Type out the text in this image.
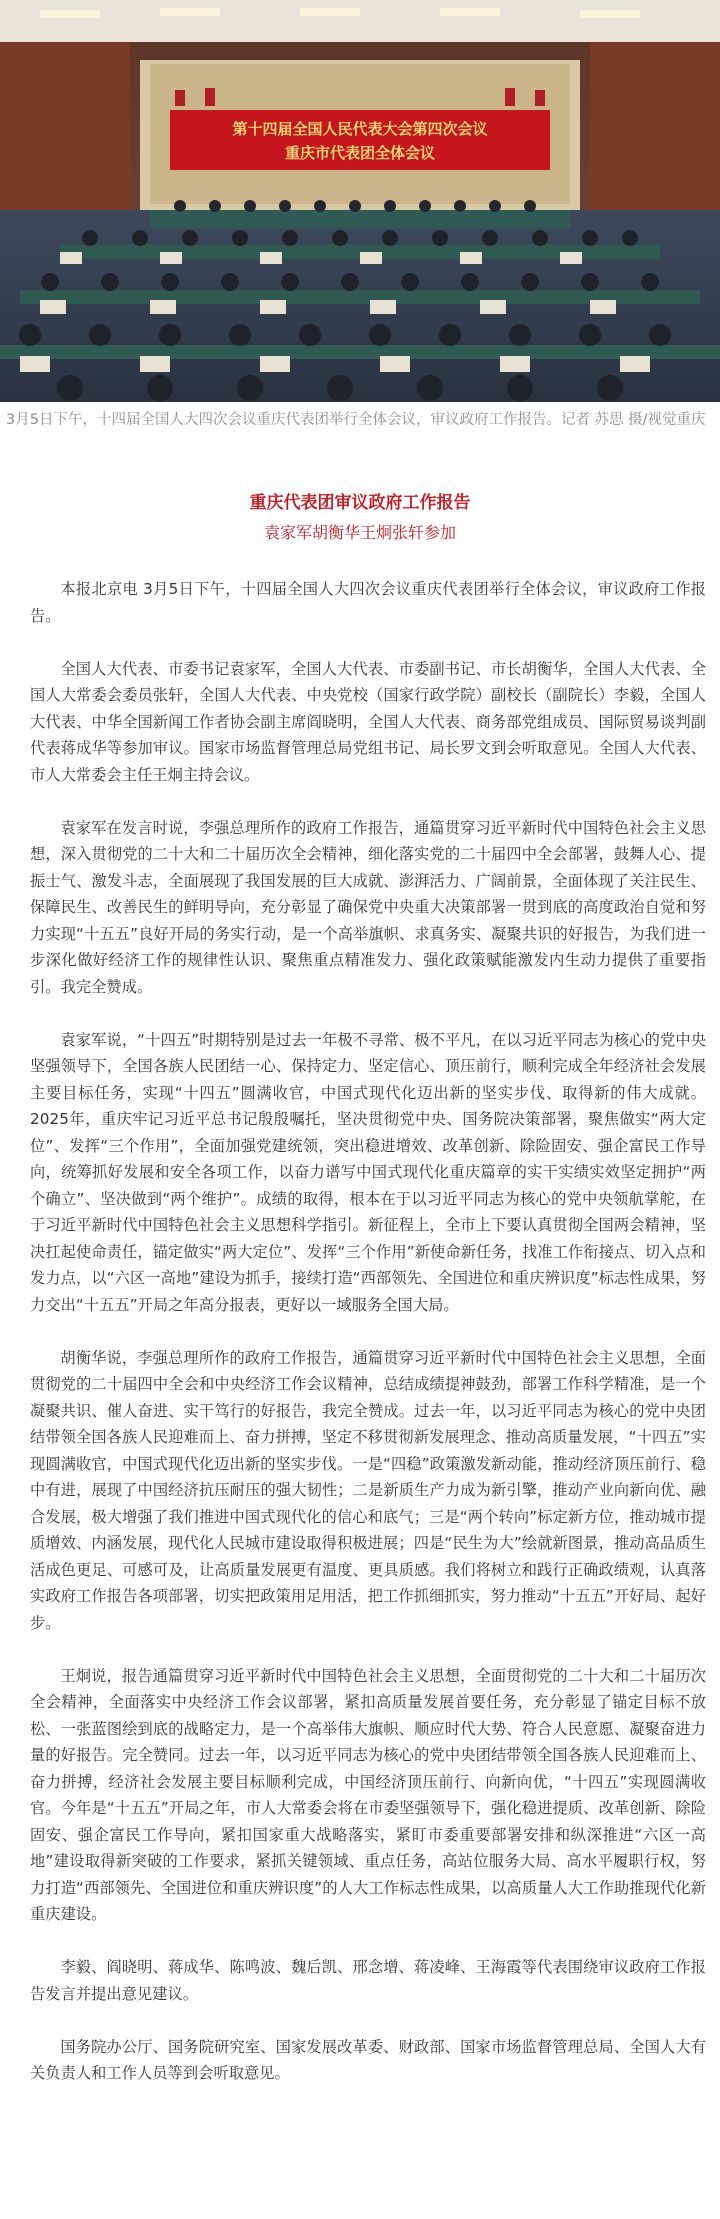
第十四届全国人民代表大会第四次会议
重庆市代表团全体会议
3月5日下午，十四届全国人大四次会议重庆代表团举行全体会议，审议政府工作报告。记者 苏思 摄/视觉重庆
重庆代表团审议政府工作报告
袁家军胡衡华王炯张轩参加

本报北京电 3月5日下午，十四届全国人大四次会议重庆代表团举行全体会议，审议政府工作报告。

全国人大代表、市委书记袁家军，全国人大代表、市委副书记、市长胡衡华，全国人大代表、全国人大常委会委员张轩，全国人大代表、中央党校（国家行政学院）副校长（副院长）李毅，全国人大代表、中华全国新闻工作者协会副主席阎晓明，全国人大代表、商务部党组成员、国际贸易谈判副代表蒋成华等参加审议。国家市场监督管理总局党组书记、局长罗文到会听取意见。全国人大代表、市人大常委会主任王炯主持会议。

袁家军在发言时说，李强总理所作的政府工作报告，通篇贯穿习近平新时代中国特色社会主义思想，深入贯彻党的二十大和二十届历次全会精神，细化落实党的二十届四中全会部署，鼓舞人心、提振士气、激发斗志，全面展现了我国发展的巨大成就、澎湃活力、广阔前景，全面体现了关注民生、保障民生、改善民生的鲜明导向，充分彰显了确保党中央重大决策部署一贯到底的高度政治自觉和努力实现“十五五”良好开局的务实行动，是一个高举旗帜、求真务实、凝聚共识的好报告，为我们进一步深化做好经济工作的规律性认识、聚焦重点精准发力、强化政策赋能激发内生动力提供了重要指引。我完全赞成。

袁家军说，“十四五”时期特别是过去一年极不寻常、极不平凡，在以习近平同志为核心的党中央坚强领导下，全国各族人民团结一心、保持定力、坚定信心、顶压前行，顺利完成全年经济社会发展主要目标任务，实现“十四五”圆满收官，中国式现代化迈出新的坚实步伐、取得新的伟大成就。2025年，重庆牢记习近平总书记殷殷嘱托，坚决贯彻党中央、国务院决策部署，聚焦做实“两大定位”、发挥“三个作用”，全面加强党建统领，突出稳进增效、改革创新、除险固安、强企富民工作导向，统筹抓好发展和安全各项工作，以奋力谱写中国式现代化重庆篇章的实干实绩实效坚定拥护“两个确立”、坚决做到“两个维护”。成绩的取得，根本在于以习近平同志为核心的党中央领航掌舵，在于习近平新时代中国特色社会主义思想科学指引。新征程上，全市上下要认真贯彻全国两会精神，坚决扛起使命责任，锚定做实“两大定位”、发挥“三个作用”新使命新任务，找准工作衔接点、切入点和发力点，以“六区一高地”建设为抓手，接续打造“西部领先、全国进位和重庆辨识度”标志性成果，努力交出“十五五”开局之年高分报表，更好以一域服务全国大局。

胡衡华说，李强总理所作的政府工作报告，通篇贯穿习近平新时代中国特色社会主义思想，全面贯彻党的二十届四中全会和中央经济工作会议精神，总结成绩提神鼓劲，部署工作科学精准，是一个凝聚共识、催人奋进、实干笃行的好报告，我完全赞成。过去一年，以习近平同志为核心的党中央团结带领全国各族人民迎难而上、奋力拼搏，坚定不移贯彻新发展理念、推动高质量发展，“十四五”实现圆满收官，中国式现代化迈出新的坚实步伐。一是“四稳”政策激发新动能，推动经济顶压前行、稳中有进，展现了中国经济抗压耐压的强大韧性；二是新质生产力成为新引擎，推动产业向新向优、融合发展，极大增强了我们推进中国式现代化的信心和底气；三是“两个转向”标定新方位，推动城市提质增效、内涵发展，现代化人民城市建设取得积极进展；四是“民生为大”绘就新图景，推动高品质生活成色更足、可感可及，让高质量发展更有温度、更具质感。我们将树立和践行正确政绩观，认真落实政府工作报告各项部署，切实把政策用足用活，把工作抓细抓实，努力推动“十五五”开好局、起好步。

王炯说，报告通篇贯穿习近平新时代中国特色社会主义思想，全面贯彻党的二十大和二十届历次全会精神，全面落实中央经济工作会议部署，紧扣高质量发展首要任务，充分彰显了锚定目标不放松、一张蓝图绘到底的战略定力，是一个高举伟大旗帜、顺应时代大势、符合人民意愿、凝聚奋进力量的好报告。完全赞同。过去一年，以习近平同志为核心的党中央团结带领全国各族人民迎难而上、奋力拼搏，经济社会发展主要目标顺利完成，中国经济顶压前行、向新向优，“十四五”实现圆满收官。今年是“十五五”开局之年，市人大常委会将在市委坚强领导下，强化稳进提质、改革创新、除险固安、强企富民工作导向，紧扣国家重大战略落实，紧盯市委重要部署安排和纵深推进“六区一高地”建设取得新突破的工作要求，紧抓关键领域、重点任务，高站位服务大局、高水平履职行权，努力打造“西部领先、全国进位和重庆辨识度”的人大工作标志性成果，以高质量人大工作助推现代化新重庆建设。

李毅、阎晓明、蒋成华、陈鸣波、魏后凯、邢念增、蒋凌峰、王海霞等代表围绕审议政府工作报告发言并提出意见建议。

国务院办公厅、国务院研究室、国家发展改革委、财政部、国家市场监督管理总局、全国人大有关负责人和工作人员等到会听取意见。
